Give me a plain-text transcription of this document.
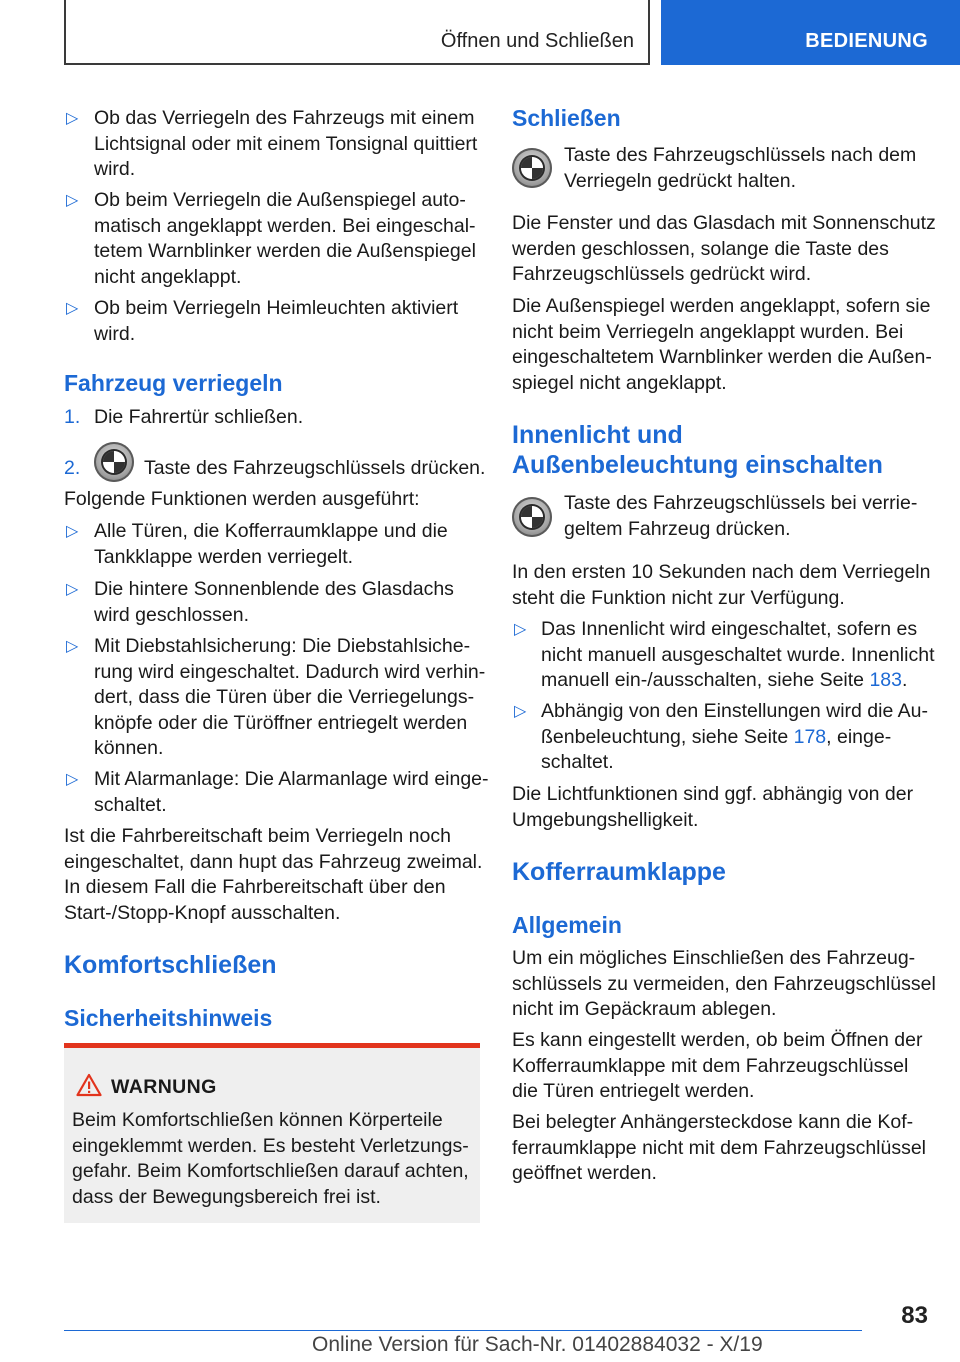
Öffnen und Schließen	BEDIENUNG
▷ Ob das Verriegeln des Fahrzeugs mit einem
Lichtsignal oder mit einem Tonsignal quittiert
wird.
▷ Ob beim Verriegeln die Außenspiegel auto-
matisch angeklappt werden. Bei eingeschal-
tetem Warnblinker werden die Außenspiegel
nicht angeklappt.
▷ Ob beim Verriegeln Heimleuchten aktiviert
wird.
Fahrzeug verriegeln
1. Die Fahrertür schließen.
2.	Taste des Fahrzeugschlüssels drücken.
Folgende Funktionen werden ausgeführt:
▷ Alle Türen, die Kofferraumklappe und die
Tankklappe werden verriegelt.
▷ Die hintere Sonnenblende des Glasdachs
wird geschlossen.
▷ Mit Diebstahlsicherung: Die Diebstahlsiche-
rung wird eingeschaltet. Dadurch wird verhin-
dert, dass die Türen über die Verriegelungs-
knöpfe oder die Türöffner entriegelt werden
können.
▷ Mit Alarmanlage: Die Alarmanlage wird einge-
schaltet.
Ist die Fahrbereitschaft beim Verriegeln noch
eingeschaltet, dann hupt das Fahrzeug zweimal.
In diesem Fall die Fahrbereitschaft über den
Start-/Stopp-Knopf ausschalten.
Komfortschließen
Sicherheitshinweis
WARNUNG
Beim Komfortschließen können Körperteile
eingeklemmt werden. Es besteht Verletzungs-
gefahr. Beim Komfortschließen darauf achten,
dass der Bewegungsbereich frei ist.
Schließen
Taste des Fahrzeugschlüssels nach dem
Verriegeln gedrückt halten.
Die Fenster und das Glasdach mit Sonnenschutz
werden geschlossen, solange die Taste des
Fahrzeugschlüssels gedrückt wird.
Die Außenspiegel werden angeklappt, sofern sie
nicht beim Verriegeln angeklappt wurden. Bei
eingeschaltetem Warnblinker werden die Außen-
spiegel nicht angeklappt.
Innenlicht und
Außenbeleuchtung einschalten
Taste des Fahrzeugschlüssels bei verrie-
geltem Fahrzeug drücken.
In den ersten 10 Sekunden nach dem Verriegeln
steht die Funktion nicht zur Verfügung.
▷ Das Innenlicht wird eingeschaltet, sofern es
nicht manuell ausgeschaltet wurde. Innenlicht
manuell ein-/ausschalten, siehe Seite 183.
▷ Abhängig von den Einstellungen wird die Au-
ßenbeleuchtung, siehe Seite 178, einge-
schaltet.
Die Lichtfunktionen sind ggf. abhängig von der
Umgebungshelligkeit.
Kofferraumklappe
Allgemein
Um ein mögliches Einschließen des Fahrzeug-
schlüssels zu vermeiden, den Fahrzeugschlüssel
nicht im Gepäckraum ablegen.
Es kann eingestellt werden, ob beim Öffnen der
Kofferraumklappe mit dem Fahrzeugschlüssel
die Türen entriegelt werden.
Bei belegter Anhängersteckdose kann die Kof-
ferraumklappe nicht mit dem Fahrzeugschlüssel
geöffnet werden.
83
Online Version für Sach-Nr. 01402884032 - X/19
